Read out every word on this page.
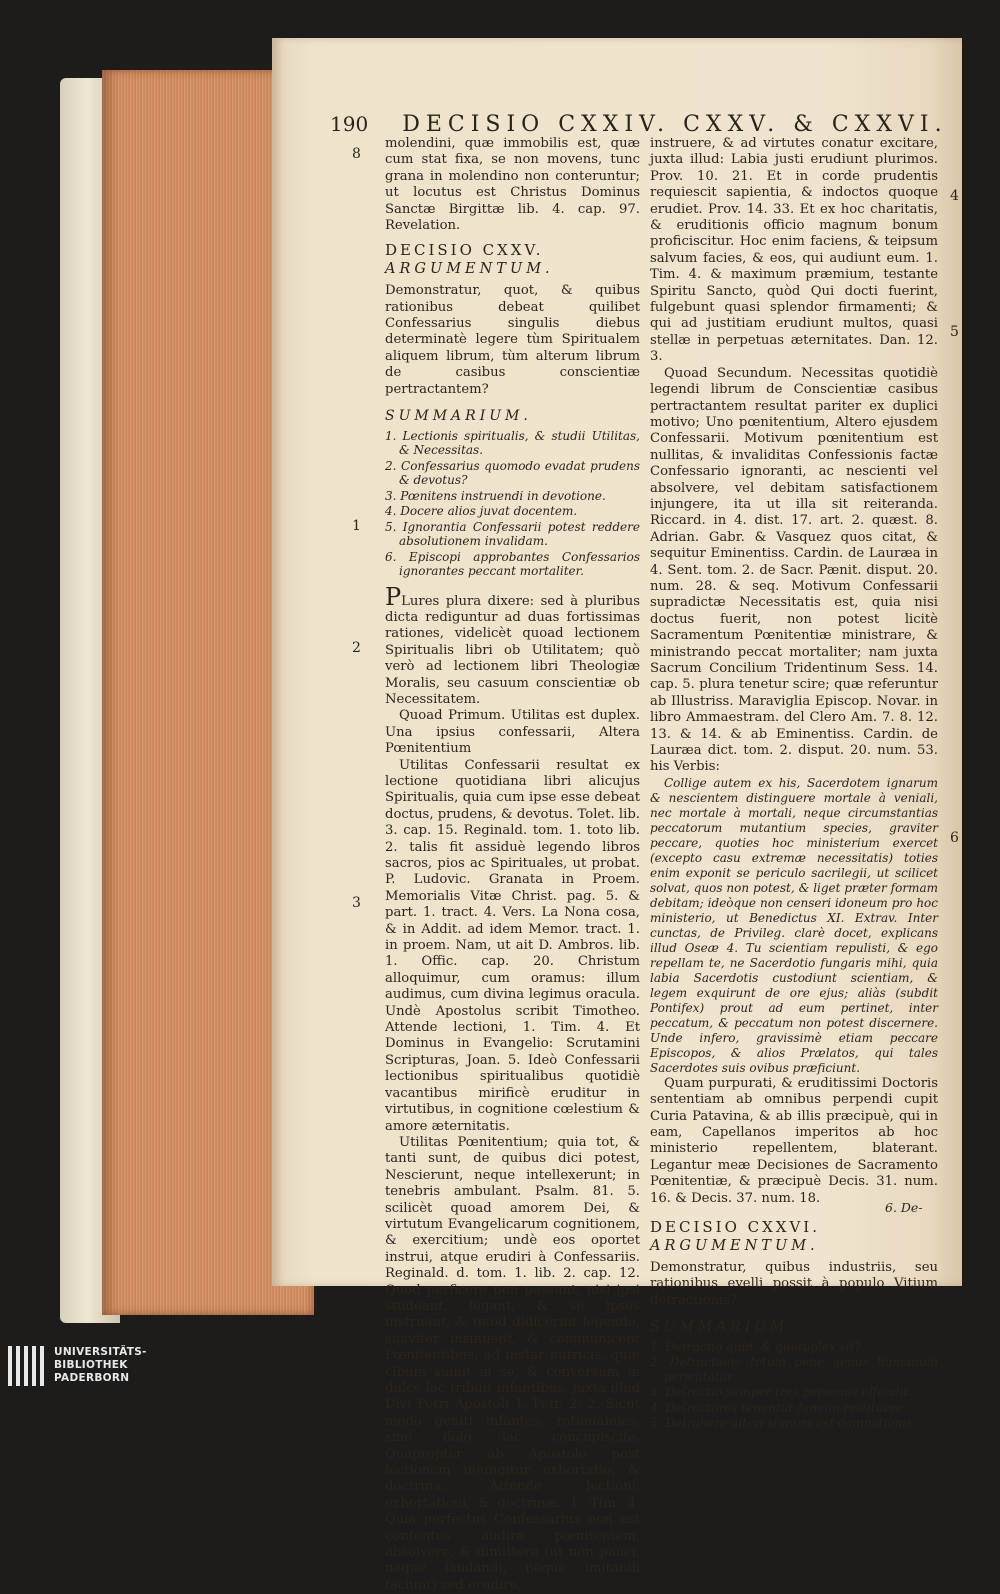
190 DECISIO CXXIV. CXXV. & CXXVI.
8
1
2
3
4
5
6

molendini, quæ immobilis est, quæ cum stat fixa, se non movens, tunc grana in molendino non conteruntur; ut locutus est Christus Dominus Sanctæ Birgittæ lib. 4. cap. 97. Revelation.

DECISIO CXXV.

ARGUMENTUM.

Demonstratur, quot, & quibus rationibus debeat quilibet Confessarius singulis diebus determinatè legere tùm Spiritualem aliquem librum, tùm alterum librum de casibus conscientiæ pertractantem?

SUMMARIUM.

1. Lectionis spiritualis, & studii Utilitas, & Necessitas.

2. Confessarius quomodo evadat prudens & devotus?

3. Pœnitens instruendi in devotione.

4. Docere alios juvat docentem.

5. Ignorantia Confessarii potest reddere absolutionem invalidam.

6. Episcopi approbantes Confessarios ignorantes peccant mortaliter.

PLures plura dixere: sed à pluribus dicta rediguntur ad duas fortissimas rationes, videlicèt quoad lectionem Spiritualis libri ob Utilitatem; quò verò ad lectionem libri Theologiæ Moralis, seu casuum conscientiæ ob Necessitatem.

Quoad Primum. Utilitas est duplex. Una ipsius confessarii, Altera Pœnitentium

Utilitas Confessarii resultat ex lectione quotidiana libri alicujus Spiritualis, quia cum ipse esse debeat doctus, prudens, & devotus. Tolet. lib. 3. cap. 15. Reginald. tom. 1. toto lib. 2. talis fit assiduè legendo libros sacros, pios ac Spirituales, ut probat. P. Ludovic. Granata in Proem. Memorialis Vitæ Christ. pag. 5. & part. 1. tract. 4. Vers. La Nona cosa, & in Addit. ad idem Memor. tract. 1. in proem. Nam, ut ait D. Ambros. lib. 1. Offic. cap. 20. Christum alloquimur, cum oramus: illum audimus, cum divina legimus oracula. Undè Apostolus scribit Timotheo. Attende lectioni, 1. Tim. 4. Et Dominus in Evangelio: Scrutamini Scripturas, Joan. 5. Ideò Confessarii lectionibus spiritualibus quotidiè vacantibus mirificè eruditur in virtutibus, in cognitione cœlestium & amore æternitatis.

Utilitas Pœnitentium; quia tot, & tanti sunt, de quibus dici potest, Nescierunt, neque intellexerunt; in tenebris ambulant. Psalm. 81. 5. scilicèt quoad amorem Dei, & virtutum Evangelicarum cognitionem, & exercitium; undè eos oportet instrui, atque erudiri à Confessariis. Reginald. d. tom. 1. lib. 2. cap. 12. Quod perficere non possunt, nisi ipsi studeant, legant, & se ipsos instruant, & quod didicerint legendo, suaviter insinuent, & communicent Pœnitentibus, ad instar nutricis, quæ cibum sumit in se, & conversum in dulce lac tribuit infantibus, juxta illud Divi Petri Apostoli 1. Petr. 2. 2. Sicut modo geniti infantes, rationabiles, sine dolo lac concupiscite. Quapropter ab Apostolo post lectionem injungitur exhortatio, & doctrina, Attende lectioni, exhortationi, & doctrinæ. 1. Tim. 4. Quia perfectus Confessarius non est contentus audire pœnitentem, absolvere, & dimittere (ut non pauci, neque laudandi, neque imitandi faciunt) sed erudire,

instruere, & ad virtutes conatur excitare, juxta illud: Labia justi erudiunt plurimos. Prov. 10. 21. Et in corde prudentis requiescit sapientia, & indoctos quoque erudiet. Prov. 14. 33. Et ex hoc charitatis, & eruditionis officio magnum bonum proficiscitur. Hoc enim faciens, & teipsum salvum facies, & eos, qui audiunt eum. 1. Tim. 4. & maximum præmium, testante Spiritu Sancto, quòd Qui docti fuerint, fulgebunt quasi splendor firmamenti; & qui ad justitiam erudiunt multos, quasi stellæ in perpetuas æternitates. Dan. 12. 3.

Quoad Secundum. Necessitas quotidiè legendi librum de Conscientiæ casibus pertractantem resultat pariter ex duplici motivo; Uno pœnitentium, Altero ejusdem Confessarii. Motivum pœnitentium est nullitas, & invaliditas Confessionis factæ Confessario ignoranti, ac nescienti vel absolvere, vel debitam satisfactionem injungere, ita ut illa sit reiteranda. Riccard. in 4. dist. 17. art. 2. quæst. 8. Adrian. Gabr. & Vasquez quos citat, & sequitur Eminentiss. Cardin. de Lauræa in 4. Sent. tom. 2. de Sacr. Pænit. disput. 20. num. 28. & seq. Motivum Confessarii supradictæ Necessitatis est, quia nisi doctus fuerit, non potest licitè Sacramentum Pœnitentiæ ministrare, & ministrando peccat mortaliter; nam juxta Sacrum Concilium Tridentinum Sess. 14. cap. 5. plura tenetur scire; quæ referuntur ab Illustriss. Maraviglia Episcop. Novar. in libro Ammaestram. del Clero Am. 7. 8. 12. 13. & 14. & ab Eminentiss. Cardin. de Lauræa dict. tom. 2. disput. 20. num. 53. his Verbis:

Collige autem ex his, Sacerdotem ignarum & nescientem distinguere mortale à veniali, nec mortale à mortali, neque circumstantias peccatorum mutantium species, graviter peccare, quoties hoc ministerium exercet (excepto casu extremæ necessitatis) toties enim exponit se periculo sacrilegii, ut scilicet solvat, quos non potest, & liget præter formam debitam; ideòque non censeri idoneum pro hoc ministerio, ut Benedictus XI. Extrav. Inter cunctas, de Privileg. clarè docet, explicans illud Oseæ 4. Tu scientiam repulisti, & ego repellam te, ne Sacerdotio fungaris mihi, quia labia Sacerdotis custodiunt scientiam, & legem exquirunt de ore ejus; aliàs (subdit Pontifex) prout ad eum pertinet, inter peccatum, & peccatum non potest discernere. Unde infero, gravissimè etiam peccare Episcopos, & alios Prælatos, qui tales Sacerdotes suis ovibus præficiunt.

Quam purpurati, & eruditissimi Doctoris sententiam ab omnibus perpendi cupit Curia Patavina, & ab illis præcipuè, qui in eam, Capellanos imperitos ab hoc ministerio repellentem, blaterant. Legantur meæ Decisiones de Sacramento Pœnitentiæ, & præcipuè Decis. 31. num. 16. & Decis. 37. num. 18.

DECISIO CXXVI.

ARGUMENTUM.

Demonstratur, quibus industriis, seu rationibus evelli possit à populo Vitium detractionis?

SUMMARIUM.

1. Detractio quid, & quotuplex sit?

2. Detractione totum penè genus humanum periclitatur.

3. Detractio semper tres personas offendit.

4. Detractores tenentur famam restituere.

5. Detrahere alteri signum est damnationis.

6. De-
UNIVERSITÄTS-
BIBLIOTHEK
PADERBORN
